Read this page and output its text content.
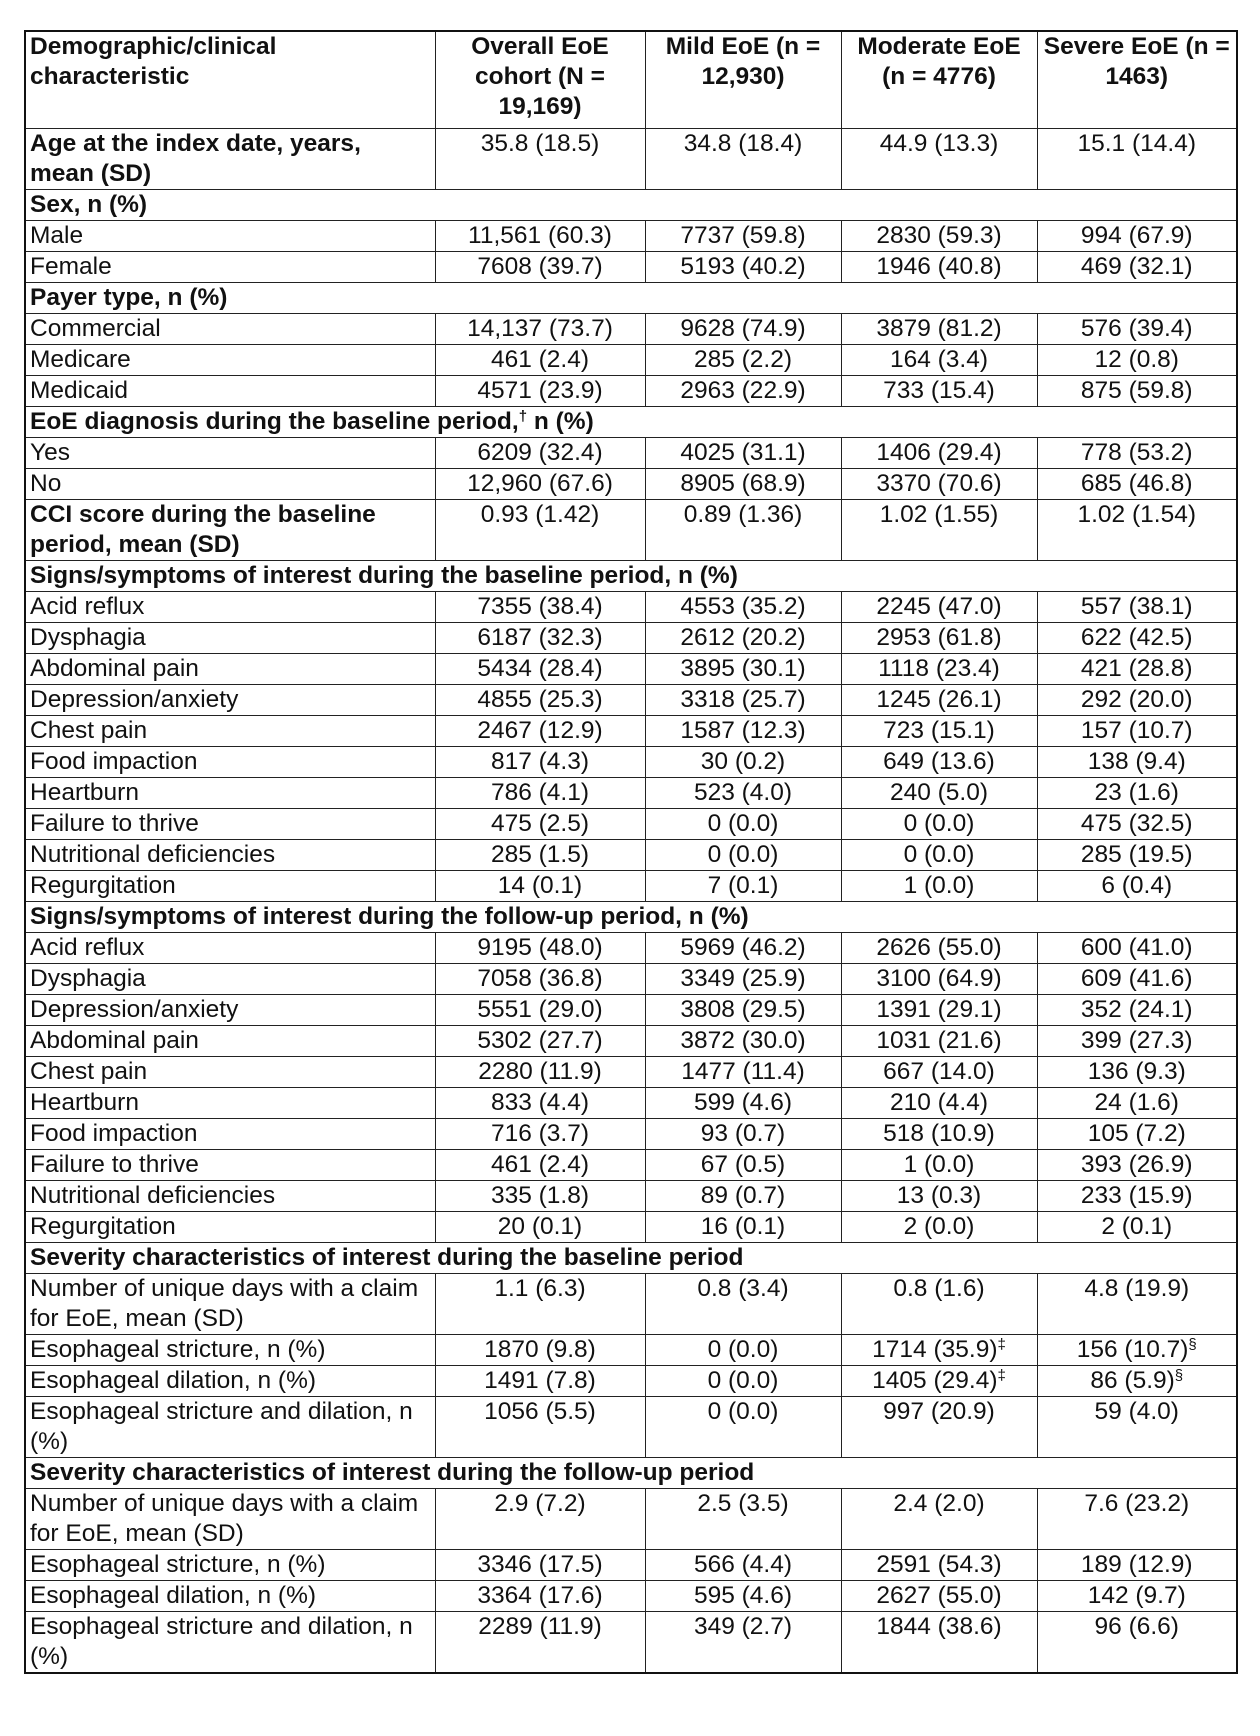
Demographic/clinical characteristic	Overall EoE cohort (N = 19,169)	Mild EoE (n = 12,930)	Moderate EoE (n = 4776)	Severe EoE (n = 1463)
Age at the index date, years, mean (SD)	35.8 (18.5)	34.8 (18.4)	44.9 (13.3)	15.1 (14.4)
Sex, n (%)				
Male	11,561 (60.3)	7737 (59.8)	2830 (59.3)	994 (67.9)
Female	7608 (39.7)	5193 (40.2)	1946 (40.8)	469 (32.1)
Payer type, n (%)				
Commercial	14,137 (73.7)	9628 (74.9)	3879 (81.2)	576 (39.4)
Medicare	461 (2.4)	285 (2.2)	164 (3.4)	12 (0.8)
Medicaid	4571 (23.9)	2963 (22.9)	733 (15.4)	875 (59.8)
EoE diagnosis during the baseline period,† n (%)				
Yes	6209 (32.4)	4025 (31.1)	1406 (29.4)	778 (53.2)
No	12,960 (67.6)	8905 (68.9)	3370 (70.6)	685 (46.8)
CCI score during the baseline period, mean (SD)	0.93 (1.42)	0.89 (1.36)	1.02 (1.55)	1.02 (1.54)
Signs/symptoms of interest during the baseline period, n (%)				
Acid reflux	7355 (38.4)	4553 (35.2)	2245 (47.0)	557 (38.1)
Dysphagia	6187 (32.3)	2612 (20.2)	2953 (61.8)	622 (42.5)
Abdominal pain	5434 (28.4)	3895 (30.1)	1118 (23.4)	421 (28.8)
Depression/anxiety	4855 (25.3)	3318 (25.7)	1245 (26.1)	292 (20.0)
Chest pain	2467 (12.9)	1587 (12.3)	723 (15.1)	157 (10.7)
Food impaction	817 (4.3)	30 (0.2)	649 (13.6)	138 (9.4)
Heartburn	786 (4.1)	523 (4.0)	240 (5.0)	23 (1.6)
Failure to thrive	475 (2.5)	0 (0.0)	0 (0.0)	475 (32.5)
Nutritional deficiencies	285 (1.5)	0 (0.0)	0 (0.0)	285 (19.5)
Regurgitation	14 (0.1)	7 (0.1)	1 (0.0)	6 (0.4)
Signs/symptoms of interest during the follow-up period, n (%)				
Acid reflux	9195 (48.0)	5969 (46.2)	2626 (55.0)	600 (41.0)
Dysphagia	7058 (36.8)	3349 (25.9)	3100 (64.9)	609 (41.6)
Depression/anxiety	5551 (29.0)	3808 (29.5)	1391 (29.1)	352 (24.1)
Abdominal pain	5302 (27.7)	3872 (30.0)	1031 (21.6)	399 (27.3)
Chest pain	2280 (11.9)	1477 (11.4)	667 (14.0)	136 (9.3)
Heartburn	833 (4.4)	599 (4.6)	210 (4.4)	24 (1.6)
Food impaction	716 (3.7)	93 (0.7)	518 (10.9)	105 (7.2)
Failure to thrive	461 (2.4)	67 (0.5)	1 (0.0)	393 (26.9)
Nutritional deficiencies	335 (1.8)	89 (0.7)	13 (0.3)	233 (15.9)
Regurgitation	20 (0.1)	16 (0.1)	2 (0.0)	2 (0.1)
Severity characteristics of interest during the baseline period				
Number of unique days with a claim for EoE, mean (SD)	1.1 (6.3)	0.8 (3.4)	0.8 (1.6)	4.8 (19.9)
Esophageal stricture, n (%)	1870 (9.8)	0 (0.0)	1714 (35.9)‡	156 (10.7)§
Esophageal dilation, n (%)	1491 (7.8)	0 (0.0)	1405 (29.4)‡	86 (5.9)§
Esophageal stricture and dilation, n (%)	1056 (5.5)	0 (0.0)	997 (20.9)	59 (4.0)
Severity characteristics of interest during the follow-up period				
Number of unique days with a claim for EoE, mean (SD)	2.9 (7.2)	2.5 (3.5)	2.4 (2.0)	7.6 (23.2)
Esophageal stricture, n (%)	3346 (17.5)	566 (4.4)	2591 (54.3)	189 (12.9)
Esophageal dilation, n (%)	3364 (17.6)	595 (4.6)	2627 (55.0)	142 (9.7)
Esophageal stricture and dilation, n (%)	2289 (11.9)	349 (2.7)	1844 (38.6)	96 (6.6)
